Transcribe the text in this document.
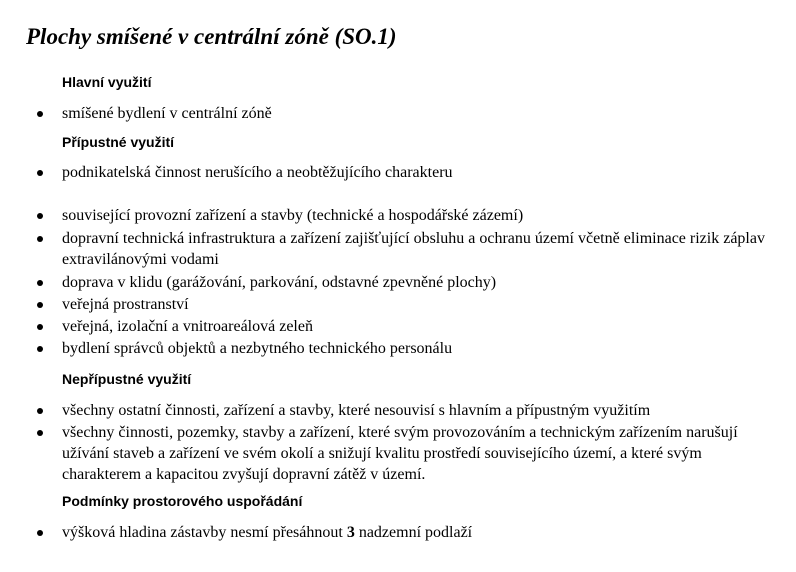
Plochy smíšené v centrální zóně (SO.1)
Hlavní využití
smíšené bydlení v centrální zóně
Přípustné využití
podnikatelská činnost nerušícího a neobtěžujícího charakteru
související provozní zařízení a stavby (technické a hospodářské zázemí)
dopravní technická infrastruktura a zařízení zajišťující obsluhu a ochranu území včetně eliminace rizik záplav extravilánovými vodami
doprava v klidu (garážování, parkování, odstavné zpevněné plochy)
veřejná prostranství
veřejná, izolační a vnitroareálová zeleň
bydlení správců objektů a nezbytného technického personálu
Nepřípustné využití
všechny ostatní činnosti, zařízení a stavby, které nesouvisí s hlavním a přípustným využitím
všechny činnosti, pozemky, stavby a zařízení, které svým provozováním a technickým zařízením narušují užívání staveb a zařízení ve svém okolí a snižují kvalitu prostředí souvisejícího území, a které svým charakterem a kapacitou zvyšují dopravní zátěž v území.
Podmínky prostorového uspořádání
výšková hladina zástavby nesmí přesáhnout 3 nadzemní podlaží
